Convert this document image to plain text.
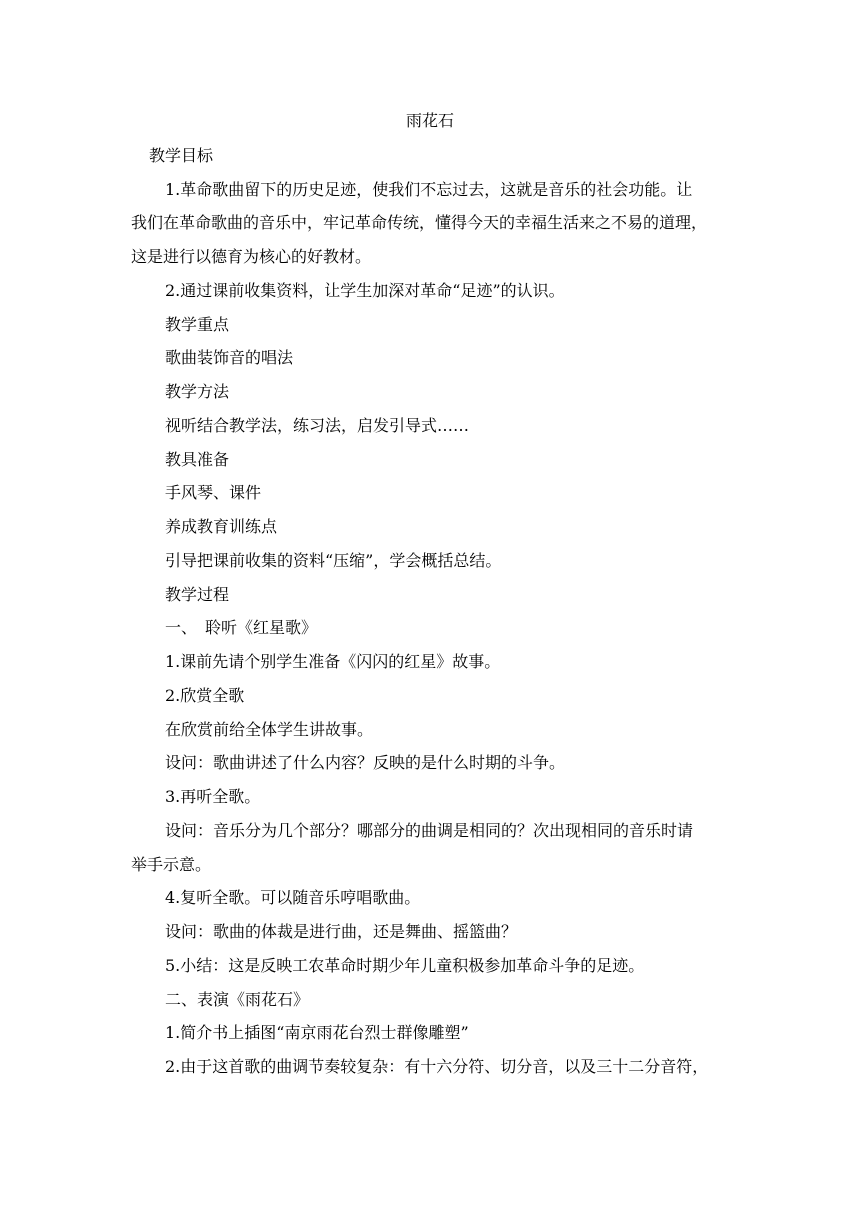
雨花石
教学目标
1.革命歌曲留下的历史足迹，使我们不忘过去，这就是音乐的社会功能。让
我们在革命歌曲的音乐中，牢记革命传统，懂得今天的幸福生活来之不易的道理，
这是进行以德育为核心的好教材。
2.通过课前收集资料，让学生加深对革命“足迹”的认识。
教学重点
歌曲装饰音的唱法
教学方法
视听结合教学法，练习法，启发引导式……
教具准备
手风琴、课件
养成教育训练点
引导把课前收集的资料“压缩”，学会概括总结。
教学过程
一、　聆听《红星歌》
1.课前先请个别学生准备《闪闪的红星》故事。
2.欣赏全歌
在欣赏前给全体学生讲故事。
设问：歌曲讲述了什么内容？反映的是什么时期的斗争。
3.再听全歌。
设问：音乐分为几个部分？哪部分的曲调是相同的？次出现相同的音乐时请
举手示意。
4.复听全歌。可以随音乐哼唱歌曲。
设问：歌曲的体裁是进行曲，还是舞曲、摇篮曲？
5.小结：这是反映工农革命时期少年儿童积极参加革命斗争的足迹。
二、表演《雨花石》
1.简介书上插图“南京雨花台烈士群像雕塑”
2.由于这首歌的曲调节奏较复杂：有十六分符、切分音，以及三十二分音符，
